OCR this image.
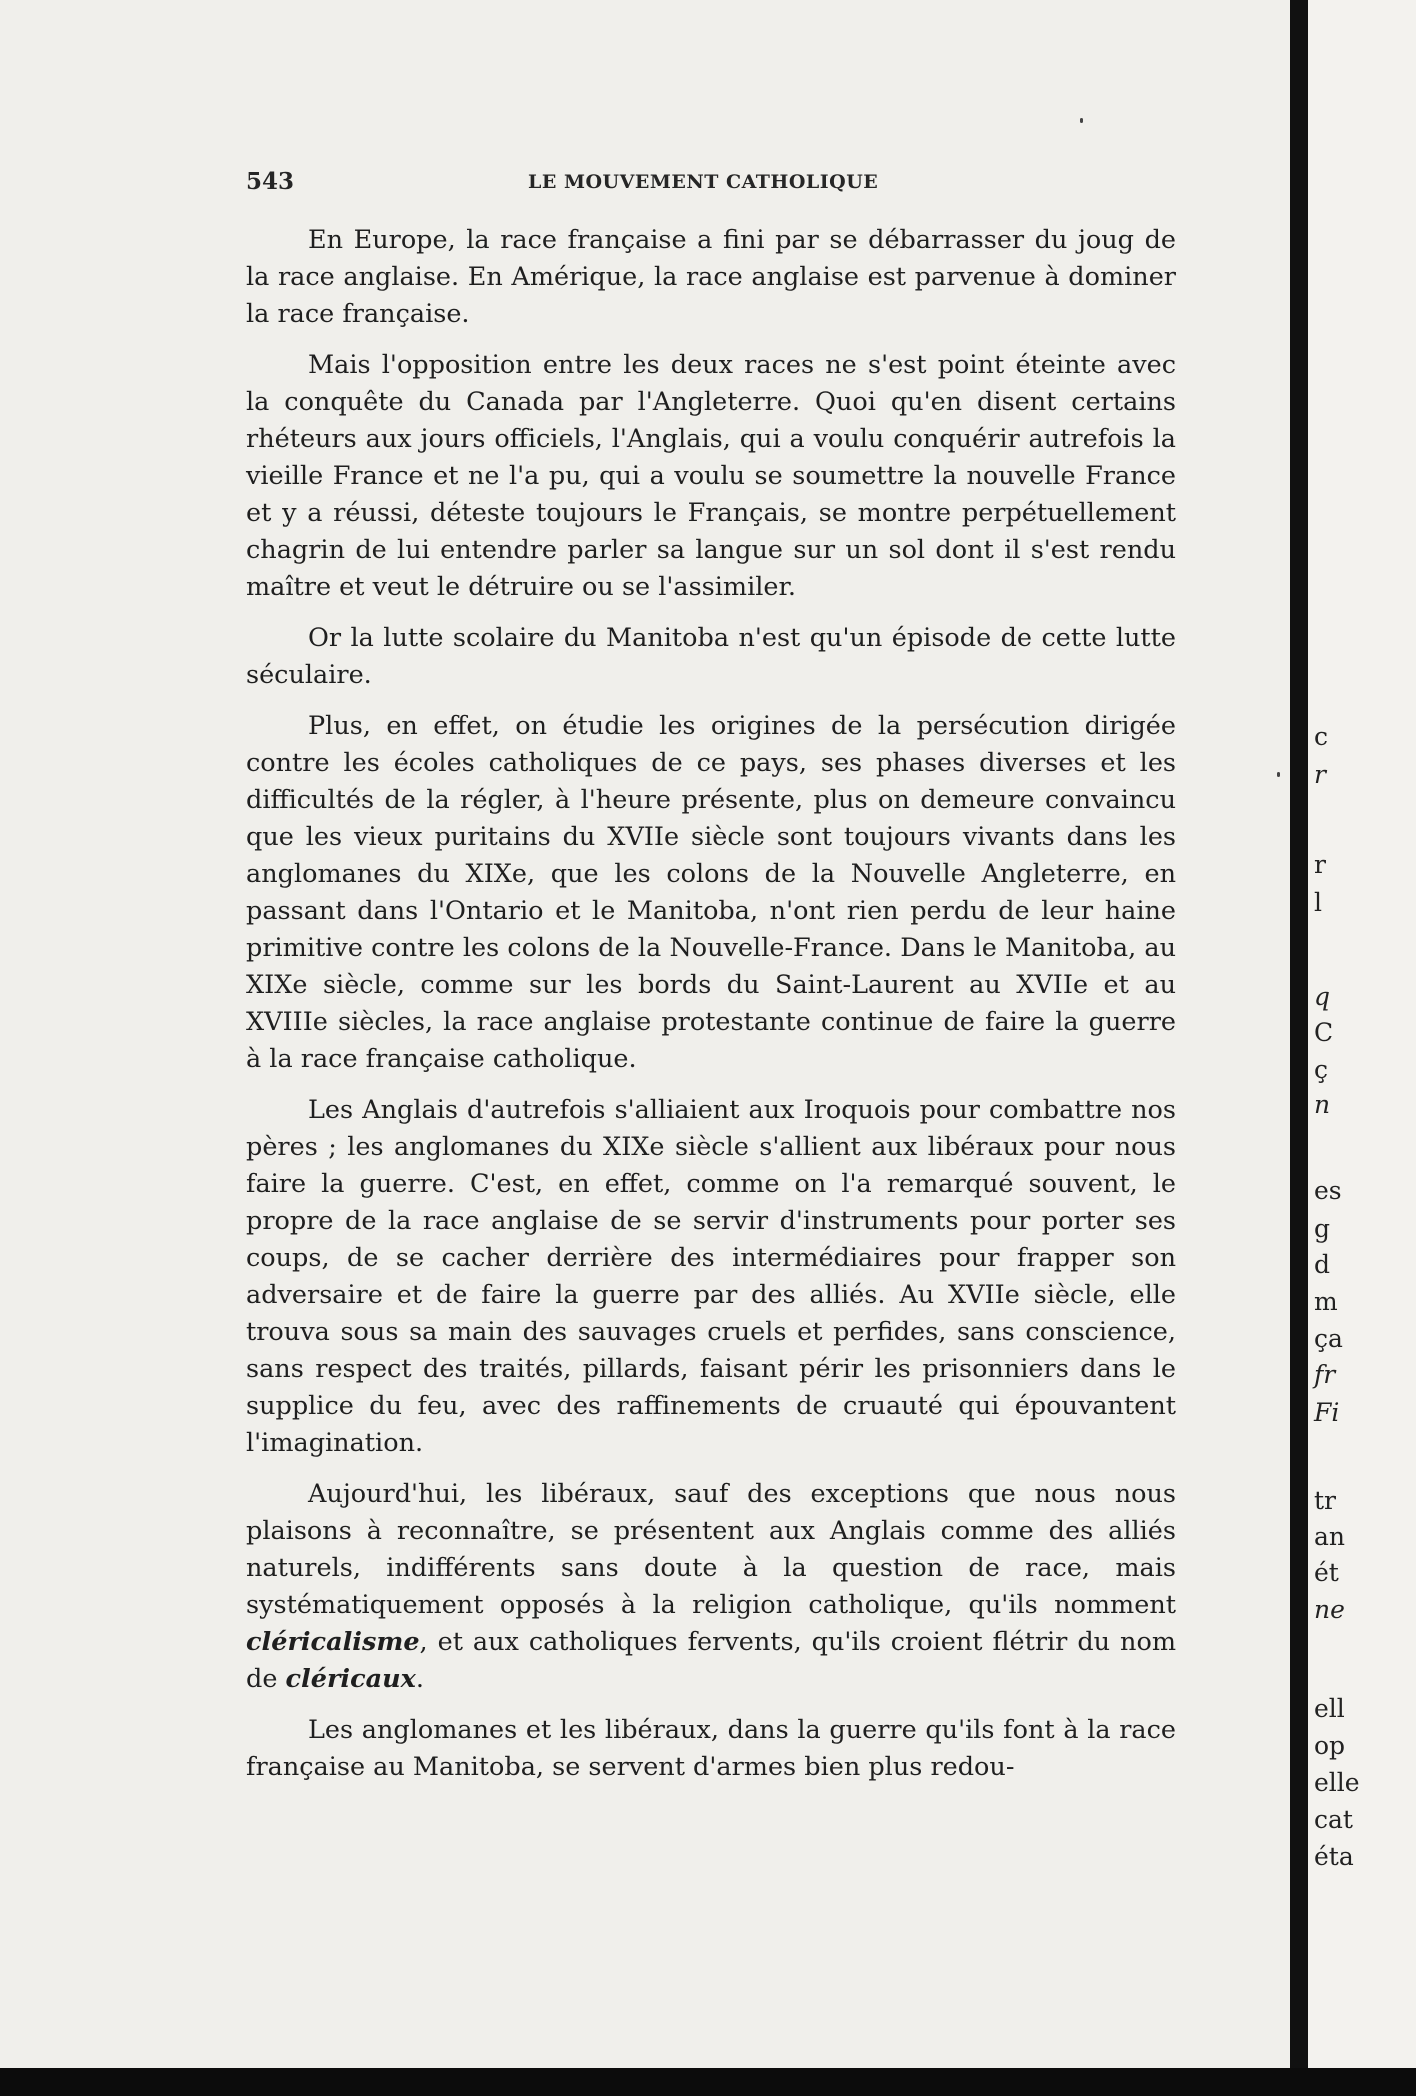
543	LE MOUVEMENT CATHOLIQUE

En Europe, la race française a fini par se débarrasser du joug de la race anglaise. En Amérique, la race anglaise est parvenue à dominer la race française.

Mais l'opposition entre les deux races ne s'est point éteinte avec la conquête du Canada par l'Angleterre. Quoi qu'en disent certains rhéteurs aux jours officiels, l'Anglais, qui a voulu conquérir autrefois la vieille France et ne l'a pu, qui a voulu se soumettre la nouvelle France et y a réussi, déteste toujours le Français, se montre perpétuellement chagrin de lui entendre parler sa langue sur un sol dont il s'est rendu maître et veut le détruire ou se l'assimiler.

Or la lutte scolaire du Manitoba n'est qu'un épisode de cette lutte séculaire.

Plus, en effet, on étudie les origines de la persécution dirigée contre les écoles catholiques de ce pays, ses phases diverses et les difficultés de la régler, à l'heure présente, plus on demeure convaincu que les vieux puritains du XVIIe siècle sont toujours vivants dans les anglomanes du XIXe, que les colons de la Nouvelle Angleterre, en passant dans l'Ontario et le Manitoba, n'ont rien perdu de leur haine primitive contre les colons de la Nouvelle-France. Dans le Manitoba, au XIXe siècle, comme sur les bords du Saint-Laurent au XVIIe et au XVIIIe siècles, la race anglaise protestante continue de faire la guerre à la race française catholique.

Les Anglais d'autrefois s'alliaient aux Iroquois pour combattre nos pères ; les anglomanes du XIXe siècle s'allient aux libéraux pour nous faire la guerre. C'est, en effet, comme on l'a remarqué souvent, le propre de la race anglaise de se servir d'instruments pour porter ses coups, de se cacher derrière des intermédiaires pour frapper son adversaire et de faire la guerre par des alliés. Au XVIIe siècle, elle trouva sous sa main des sauvages cruels et perfides, sans conscience, sans respect des traités, pillards, faisant périr les prisonniers dans le supplice du feu, avec des raffinements de cruauté qui épouvantent l'imagination.

Aujourd'hui, les libéraux, sauf des exceptions que nous nous plaisons à reconnaître, se présentent aux Anglais comme des alliés naturels, indifférents sans doute à la question de race, mais systématiquement opposés à la religion catholique, qu'ils nomment cléricalisme, et aux catholiques fervents, qu'ils croient flétrir du nom de cléricaux.

Les anglomanes et les libéraux, dans la guerre qu'ils font à la race française au Manitoba, se servent d'armes bien plus redou-

c
r
r
l
q
C
ç
n
es
g
d
m
ça
fr
Fi
tr
an
ét
ne
ell
op
elle
cat
éta
